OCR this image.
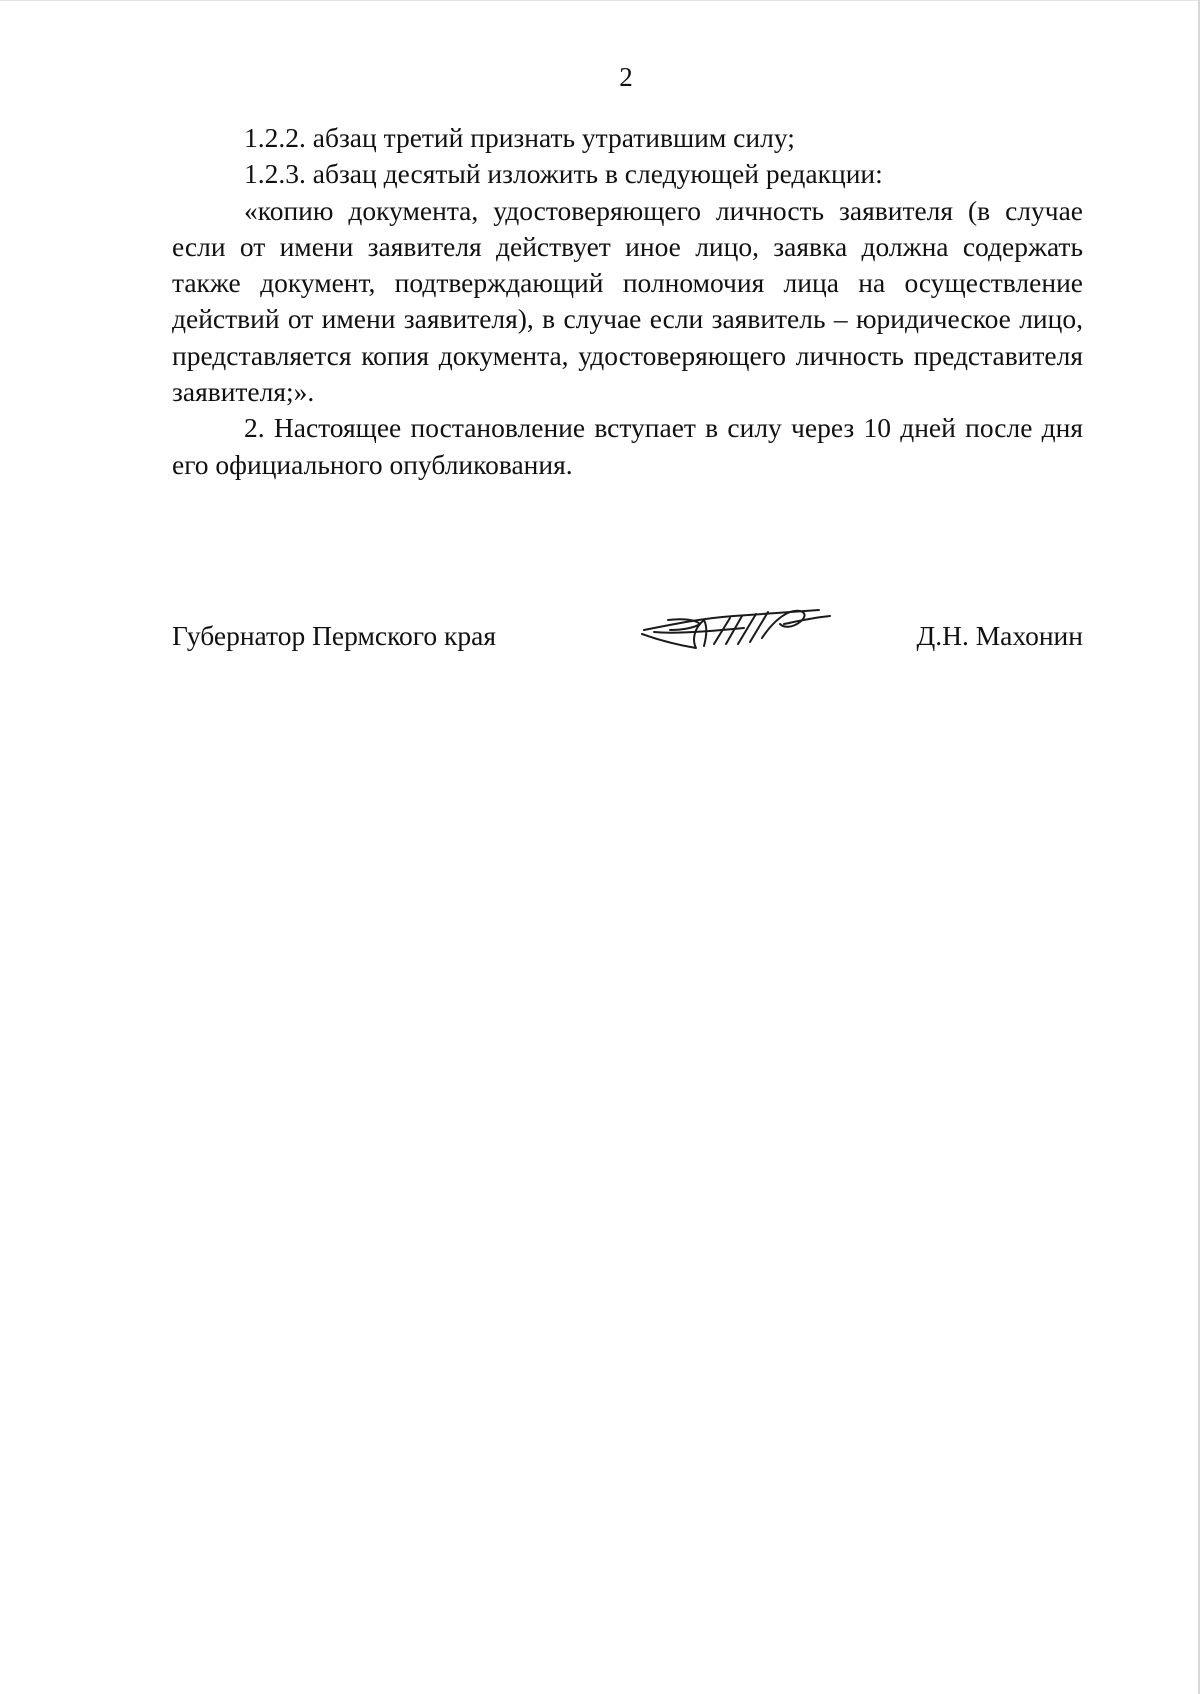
2

1.2.2. абзац третий признать утратившим силу;

1.2.3. абзац десятый изложить в следующей редакции:

«копию документа, удостоверяющего личность заявителя (в случае если от имени заявителя действует иное лицо, заявка должна содержать также документ, подтверждающий полномочия лица на осуществление действий от имени заявителя), в случае если заявитель – юридическое лицо, представляется копия документа, удостоверяющего личность представителя заявителя;».

2. Настоящее постановление вступает в силу через 10 дней после дня его официального опубликования.

Губернатор Пермского края	Д.Н. Махонин
